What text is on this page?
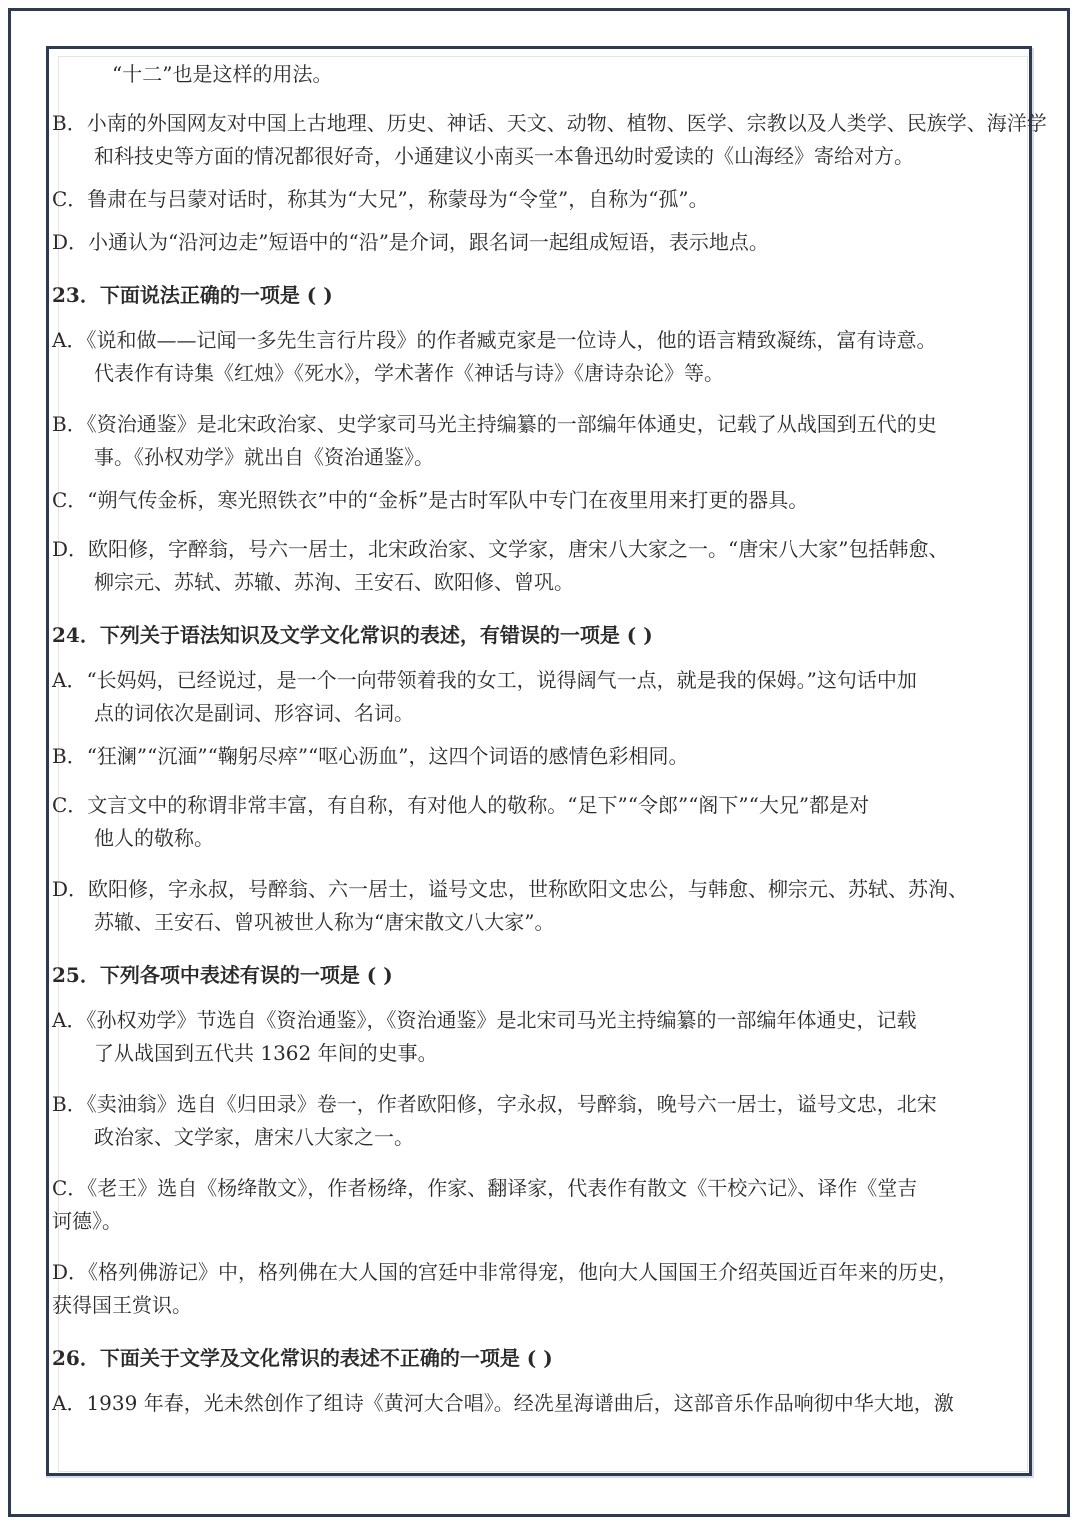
“十二”也是这样的用法。
B．小南的外国网友对中国上古地理、历史、神话、天文、动物、植物、医学、宗教以及人类学、民族学、海洋学
和科技史等方面的情况都很好奇，小通建议小南买一本鲁迅幼时爱读的《山海经》寄给对方。
C．鲁肃在与吕蒙对话时，称其为“大兄”，称蒙母为“令堂”，自称为“孤”。
D．小通认为“沿河边走”短语中的“沿”是介词，跟名词一起组成短语，表示地点。
23．下面说法正确的一项是 ( )
A．《说和做——记闻一多先生言行片段》的作者臧克家是一位诗人，他的语言精致凝练，富有诗意。
代表作有诗集《红烛》《死水》，学术著作《神话与诗》《唐诗杂论》等。
B．《资治通鉴》是北宋政治家、史学家司马光主持编纂的一部编年体通史，记载了从战国到五代的史
事。《孙权劝学》就出自《资治通鉴》。
C．“朔气传金柝，寒光照铁衣”中的“金柝”是古时军队中专门在夜里用来打更的器具。
D．欧阳修，字醉翁，号六一居士，北宋政治家、文学家，唐宋八大家之一。“唐宋八大家”包括韩愈、
柳宗元、苏轼、苏辙、苏洵、王安石、欧阳修、曾巩。
24．下列关于语法知识及文学文化常识的表述，有错误的一项是 ( )
A．“长妈妈，已经说过，是一个一向带领着我的女工，说得阔气一点，就是我的保姆。”这句话中加
点的词依次是副词、形容词、名词。
B．“狂澜”“沉湎”“鞠躬尽瘁”“呕心沥血”，这四个词语的感情色彩相同。
C．文言文中的称谓非常丰富，有自称，有对他人的敬称。“足下”“令郎”“阁下”“大兄”都是对
他人的敬称。
D．欧阳修，字永叔，号醉翁、六一居士，谥号文忠，世称欧阳文忠公，与韩愈、柳宗元、苏轼、苏洵、
苏辙、王安石、曾巩被世人称为“唐宋散文八大家”。
25．下列各项中表述有误的一项是 ( )
A．《孙权劝学》节选自《资治通鉴》，《资治通鉴》是北宋司马光主持编纂的一部编年体通史，记载
了从战国到五代共 1362 年间的史事。
B．《卖油翁》选自《归田录》卷一，作者欧阳修，字永叔，号醉翁，晚号六一居士，谥号文忠，北宋
政治家、文学家，唐宋八大家之一。
C．《老王》选自《杨绛散文》，作者杨绛，作家、翻译家，代表作有散文《干校六记》、译作《堂吉
诃德》。
D．《格列佛游记》中，格列佛在大人国的宫廷中非常得宠，他向大人国国王介绍英国近百年来的历史，
获得国王赏识。
26．下面关于文学及文化常识的表述不正确的一项是 ( )
A．1939 年春，光未然创作了组诗《黄河大合唱》。经冼星海谱曲后，这部音乐作品响彻中华大地，激
